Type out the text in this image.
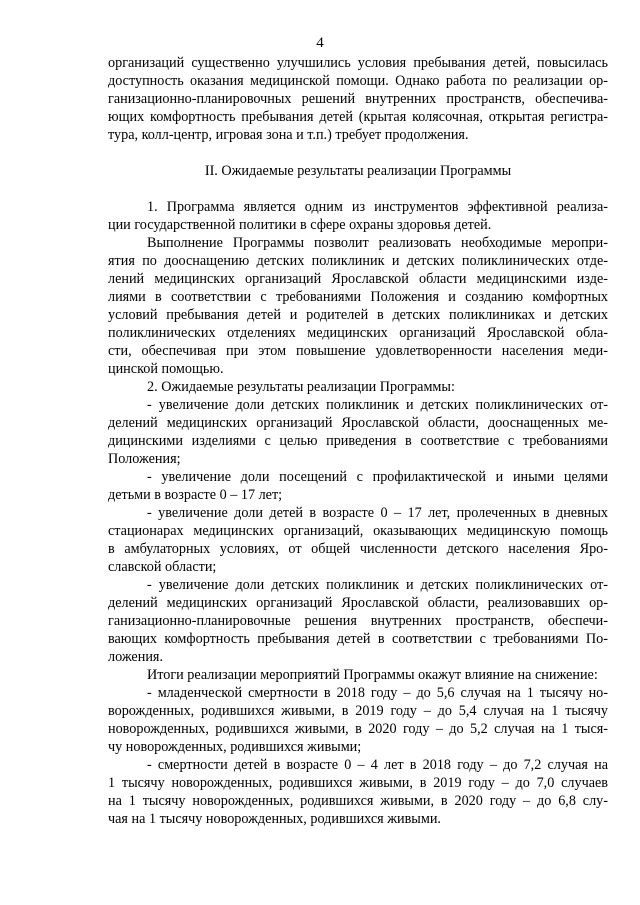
4
организаций существенно улучшились условия пребывания детей, повысилась
доступность оказания медицинской помощи. Однако работа по реализации ор-
ганизационно-планировочных решений внутренних пространств, обеспечива-
ющих комфортность пребывания детей (крытая колясочная, открытая регистра-
тура, колл-центр, игровая зона и т.п.) требует продолжения.
II. Ожидаемые результаты реализации Программы
1. Программа является одним из инструментов эффективной реализа-
ции государственной политики в сфере охраны здоровья детей.
Выполнение Программы позволит реализовать необходимые меропри-
ятия по дооснащению детских поликлиник и детских поликлинических отде-
лений медицинских организаций Ярославской области медицинскими изде-
лиями в соответствии с требованиями Положения и созданию комфортных
условий пребывания детей и родителей в детских поликлиниках и детских
поликлинических отделениях медицинских организаций Ярославской обла-
сти, обеспечивая при этом повышение удовлетворенности населения меди-
цинской помощью.
2. Ожидаемые результаты реализации Программы:
- увеличение доли детских поликлиник и детских поликлинических от-
делений медицинских организаций Ярославской области, дооснащенных ме-
дицинскими изделиями с целью приведения в соответствие с требованиями
Положения;
- увеличение доли посещений с профилактической и иными целями
детьми в возрасте 0 – 17 лет;
- увеличение доли детей в возрасте 0 – 17 лет, пролеченных в дневных
стационарах медицинских организаций, оказывающих медицинскую помощь
в амбулаторных условиях, от общей численности детского населения Яро-
славской области;
- увеличение доли детских поликлиник и детских поликлинических от-
делений медицинских организаций Ярославской области, реализовавших ор-
ганизационно-планировочные решения внутренних пространств, обеспечи-
вающих комфортность пребывания детей в соответствии с требованиями По-
ложения.
Итоги реализации мероприятий Программы окажут влияние на снижение:
- младенческой смертности в 2018 году – до 5,6 случая на 1 тысячу но-
ворожденных, родившихся живыми, в 2019 году – до 5,4 случая на 1 тысячу
новорожденных, родившихся живыми, в 2020 году – до 5,2 случая на 1 тыся-
чу новорожденных, родившихся живыми;
- смертности детей в возрасте 0 – 4 лет в 2018 году – до 7,2 случая на
1 тысячу новорожденных, родившихся живыми, в 2019 году – до 7,0 случаев
на 1 тысячу новорожденных, родившихся живыми, в 2020 году – до 6,8 слу-
чая на 1 тысячу новорожденных, родившихся живыми.
